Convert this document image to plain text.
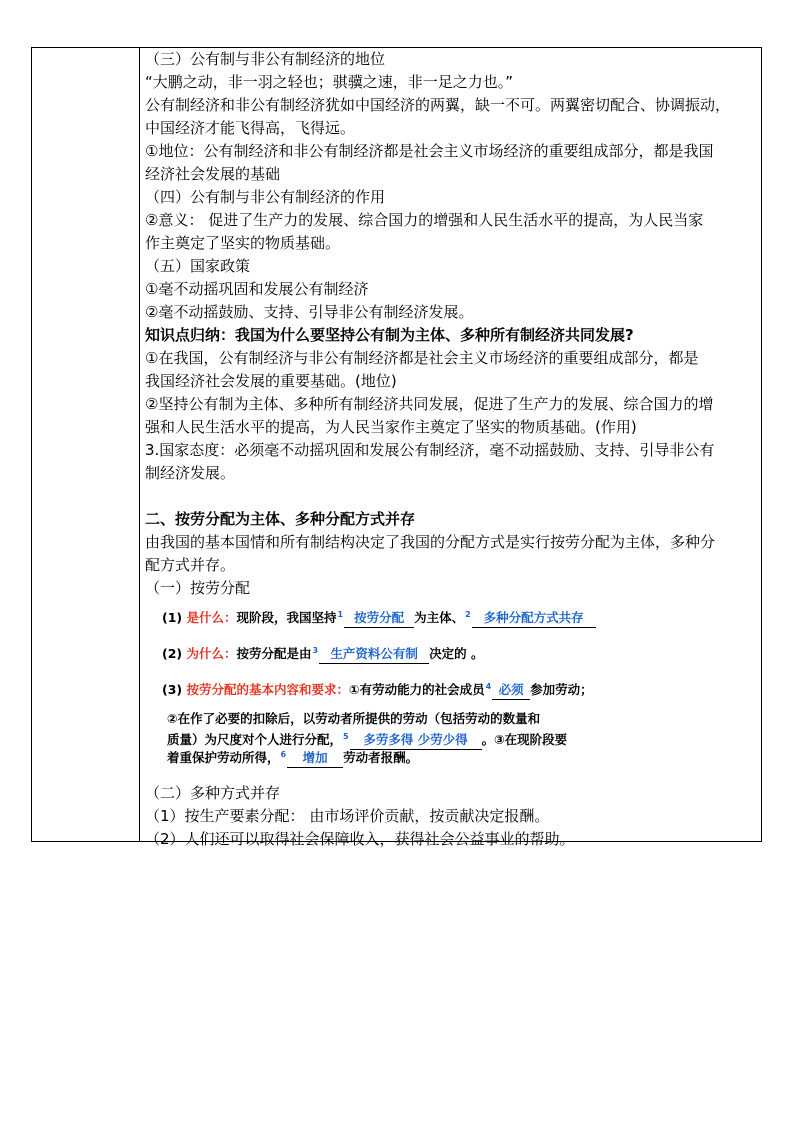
（三）公有制与非公有制经济的地位
“大鹏之动，非一羽之轻也；骐骥之速，非一足之力也。”
公有制经济和非公有制经济犹如中国经济的两翼，缺一不可。两翼密切配合、协调振动，
中国经济才能飞得高，飞得远。
①地位：公有制经济和非公有制经济都是社会主义市场经济的重要组成部分，都是我国
经济社会发展的基础
（四）公有制与非公有制经济的作用
②意义： 促进了生产力的发展、综合国力的增强和人民生活水平的提高，为人民当家
作主奠定了坚实的物质基础。
（五）国家政策
①毫不动摇巩固和发展公有制经济
②毫不动摇鼓励、支持、引导非公有制经济发展。
知识点归纳：我国为什么要坚持公有制为主体、多种所有制经济共同发展?
①在我国，公有制经济与非公有制经济都是社会主义市场经济的重要组成部分，都是
我国经济社会发展的重要基础。(地位)
②坚持公有制为主体、多种所有制经济共同发展，促进了生产力的发展、综合国力的增
强和人民生活水平的提高，为人民当家作主奠定了坚实的物质基础。(作用)
3.国家态度：必须毫不动摇巩固和发展公有制经济，毫不动摇鼓励、支持、引导非公有
制经济发展。
二、按劳分配为主体、多种分配方式并存
由我国的基本国情和所有制结构决定了我国的分配方式是实行按劳分配为主体，多种分
配方式并存。
（一）按劳分配
(1) 是什么：现阶段，我国坚持$^1$ 按劳分配 为主体、$^2$ 多种分配方式共存
(2) 为什么：按劳分配是由$^3$ 生产资料公有制 决定的 。
(3) 按劳分配的基本内容和要求：①有劳动能力的社会成员$^4$ 必须 参加劳动；
②在作了必要的扣除后，以劳动者所提供的劳动（包括劳动的数量和
质量）为尺度对个人进行分配，$^5$ 多劳多得 少劳少得 。③在现阶段要
着重保护劳动所得，$^6$ 增加 劳动者报酬。
（二）多种方式并存
（1）按生产要素分配： 由市场评价贡献，按贡献决定报酬。
（2）人们还可以取得社会保障收入，获得社会公益事业的帮助。
